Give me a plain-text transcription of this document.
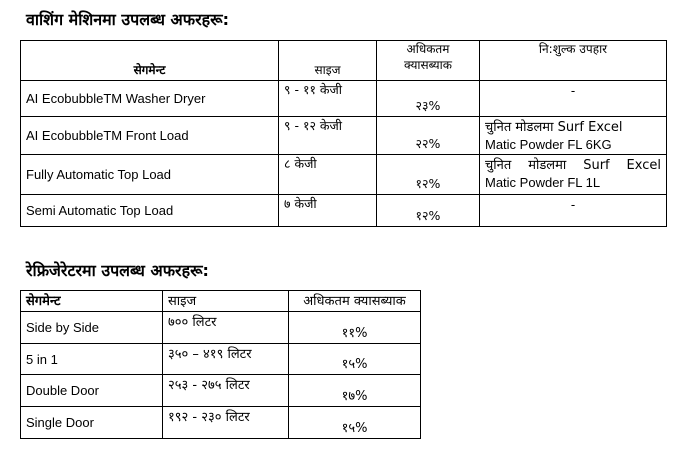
वाशिंग मेशिनमा उपलब्ध अफरहरू:
सेगमेन्ट	साइज	अधिकतम क्यासब्याक	नि:शुल्क उपहार
AI EcobubbleTM Washer Dryer	९ - ११ केजी	२३%	-

AI EcobubbleTM Front Load	९ - १२ केजी	२२%	चुनित मोडलमा Surf Excel
Matic Powder FL 6KG

Fully Automatic Top Load	८ केजी	१२%	चुनित मोडलमा Surf Excel
Matic Powder FL 1L

Semi Automatic Top Load	७ केजी	१२%	-
रेफ्रिजेरेटरमा उपलब्ध अफरहरू:
सेगमेन्ट	साइज	अधिकतम क्यासब्याक
Side by Side	७०० लिटर	११%
5 in 1	३५० – ४१९ लिटर	१५%
Double Door	२५३ - २७५ लिटर	१७%
Single Door	१९२ - २३० लिटर	१५%
